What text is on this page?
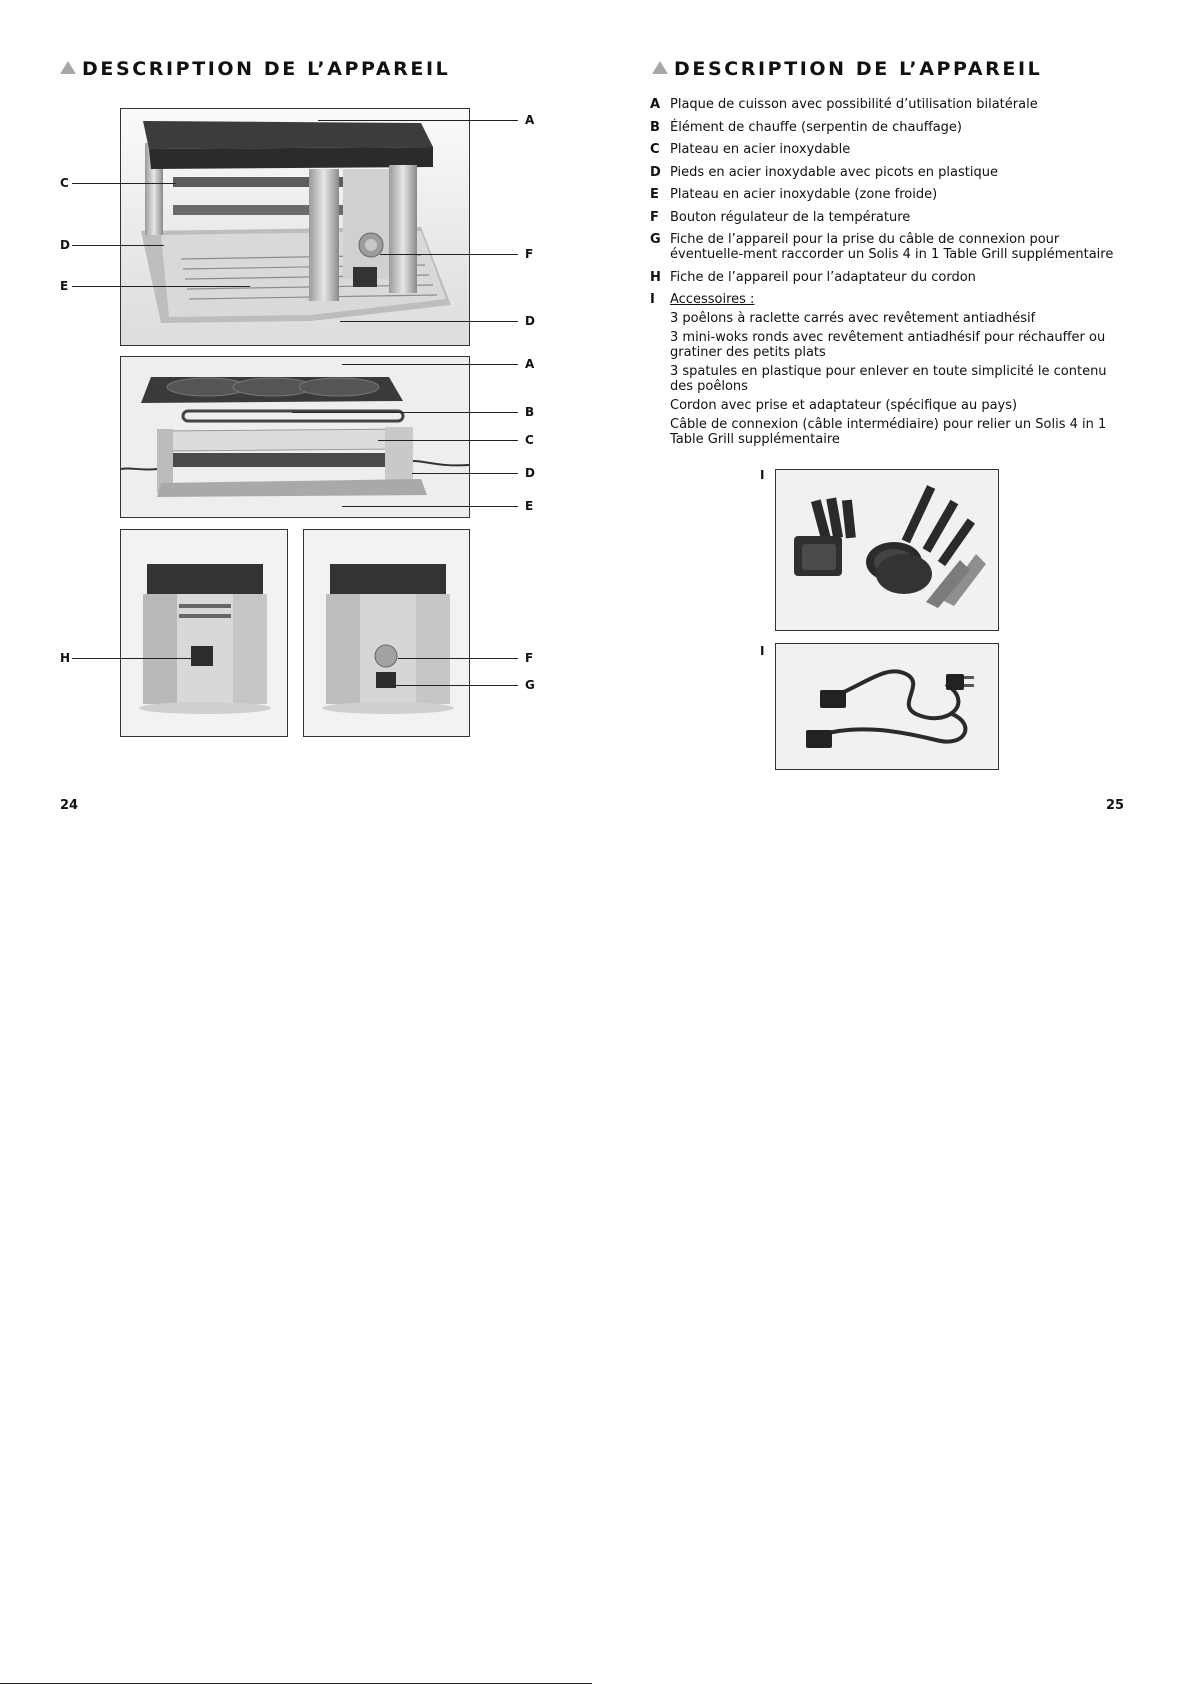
DESCRIPTION DE L’APPAREIL	DESCRIPTION DE L’APPAREIL
A
C
D
F
E
D
A
B
C
D
E
H	F
G
A Plaque de cuisson avec possibilité d’utilisation bilatérale
B Élément de chauffe (serpentin de chauffage)
C Plateau en acier inoxydable
D Pieds en acier inoxydable avec picots en plastique
E Plateau en acier inoxydable (zone froide)
F Bouton régulateur de la température
G Fiche de l’appareil pour la prise du câble de connexion pour éventuelle-ment raccorder un Solis 4 in 1 Table Grill supplémentaire
H Fiche de l’appareil pour l’adaptateur du cordon
I Accessoires :
3 poêlons à raclette carrés avec revêtement antiadhésif
3 mini-woks ronds avec revêtement antiadhésif pour réchauffer ou gratiner des petits plats
3 spatules en plastique pour enlever en toute simplicité le contenu des poêlons
Cordon avec prise et adaptateur (spécifique au pays)
Câble de connexion (câble intermédiaire) pour relier un Solis 4 in 1 Table Grill supplémentaire
I
I
24	25
